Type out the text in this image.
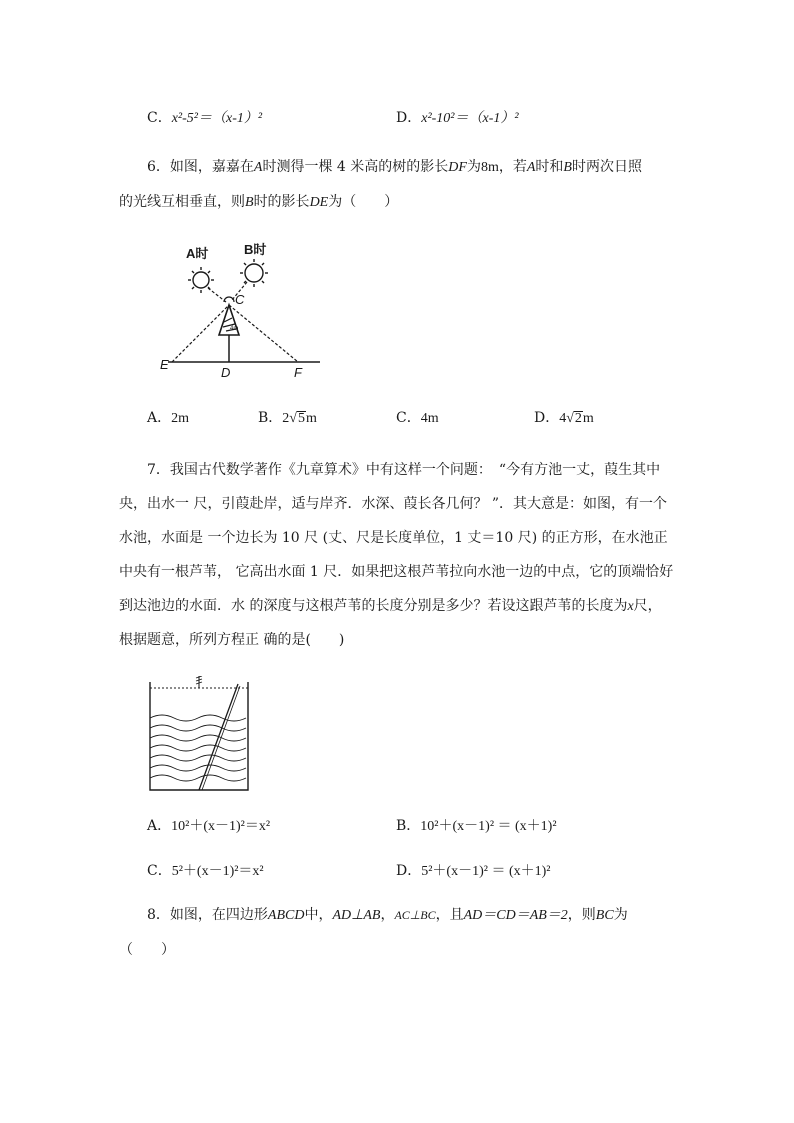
C．x²-5²＝（x-1）²	D．x²-10²＝（x-1）²
6．如图，嘉嘉在A时测得一棵 4 米高的树的影长DF为8m，若A时和B时两次日照
的光线互相垂直，则B时的影长DE为（　　）
A时	B时
4m
C
E
D	F
A．2m	B．2√5m	C．4m	D．4√2m
7．我国古代数学著作《九章算术》中有这样一个问题：　“今有方池一丈，葭生其中
央，出水一 尺，引葭赴岸，适与岸齐．水深、葭长各几何？ ”．其大意是：如图，有一个
水池，水面是 一个边长为 10 尺 (丈、尺是长度单位，1 丈＝10 尺) 的正方形，在水池正
中央有一根芦苇， 它高出水面 1 尺．如果把这根芦苇拉向水池一边的中点，它的顶端恰好
到达池边的水面．水 的深度与这根芦苇的长度分别是多少？若设这跟芦苇的长度为x尺，
根据题意，所列方程正 确的是(　　)
A．10²＋(x－1)²＝x²	B．10²＋(x－1)² ＝ (x＋1)²
C．5²＋(x－1)²＝x²	D．5²＋(x－1)² ＝ (x＋1)²
8．如图，在四边形ABCD中，AD⊥AB，AC⊥BC，且AD＝CD＝AB＝2，则BC为
（　　）
